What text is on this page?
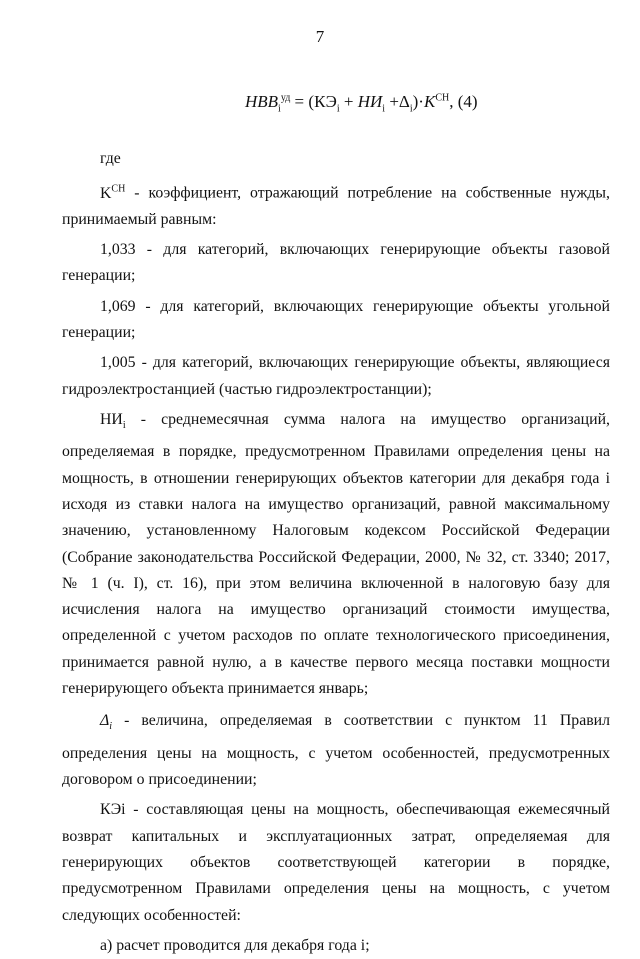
7
$НВВ_i^{уд} = (КЭ_i + НИ_i +\Delta_i)\cdot K^{СН}$, (4)

где

$K^{СН}$ - коэффициент, отражающий потребление на собственные нужды, принимаемый равным:

1,033 - для категорий, включающих генерирующие объекты газовой генерации;

1,069 - для категорий, включающих генерирующие объекты угольной генерации;

1,005 - для категорий, включающих генерирующие объекты, являющиеся гидроэлектростанцией (частью гидроэлектростанции);

$НИ_i$ - среднемесячная сумма налога на имущество организаций, определяемая в порядке, предусмотренном Правилами определения цены на мощность, в отношении генерирующих объектов категории для декабря года i исходя из ставки налога на имущество организаций, равной максимальному значению, установленному Налоговым кодексом Российской Федерации (Собрание законодательства Российской Федерации, 2000, № 32, ст. 3340; 2017, № 1 (ч. I), ст. 16), при этом величина включенной в налоговую базу для исчисления налога на имущество организаций стоимости имущества, определенной с учетом расходов по оплате технологического присоединения, принимается равной нулю, а в качестве первого месяца поставки мощности генерирующего объекта принимается январь;

$\Delta_i$ - величина, определяемая в соответствии с пунктом 11 Правил определения цены на мощность, с учетом особенностей, предусмотренных договором о присоединении;

КЭi - составляющая цены на мощность, обеспечивающая ежемесячный возврат капитальных и эксплуатационных затрат, определяемая для генерирующих объектов соответствующей категории в порядке, предусмотренном Правилами определения цены на мощность, с учетом следующих особенностей:

а) расчет проводится для декабря года i;
